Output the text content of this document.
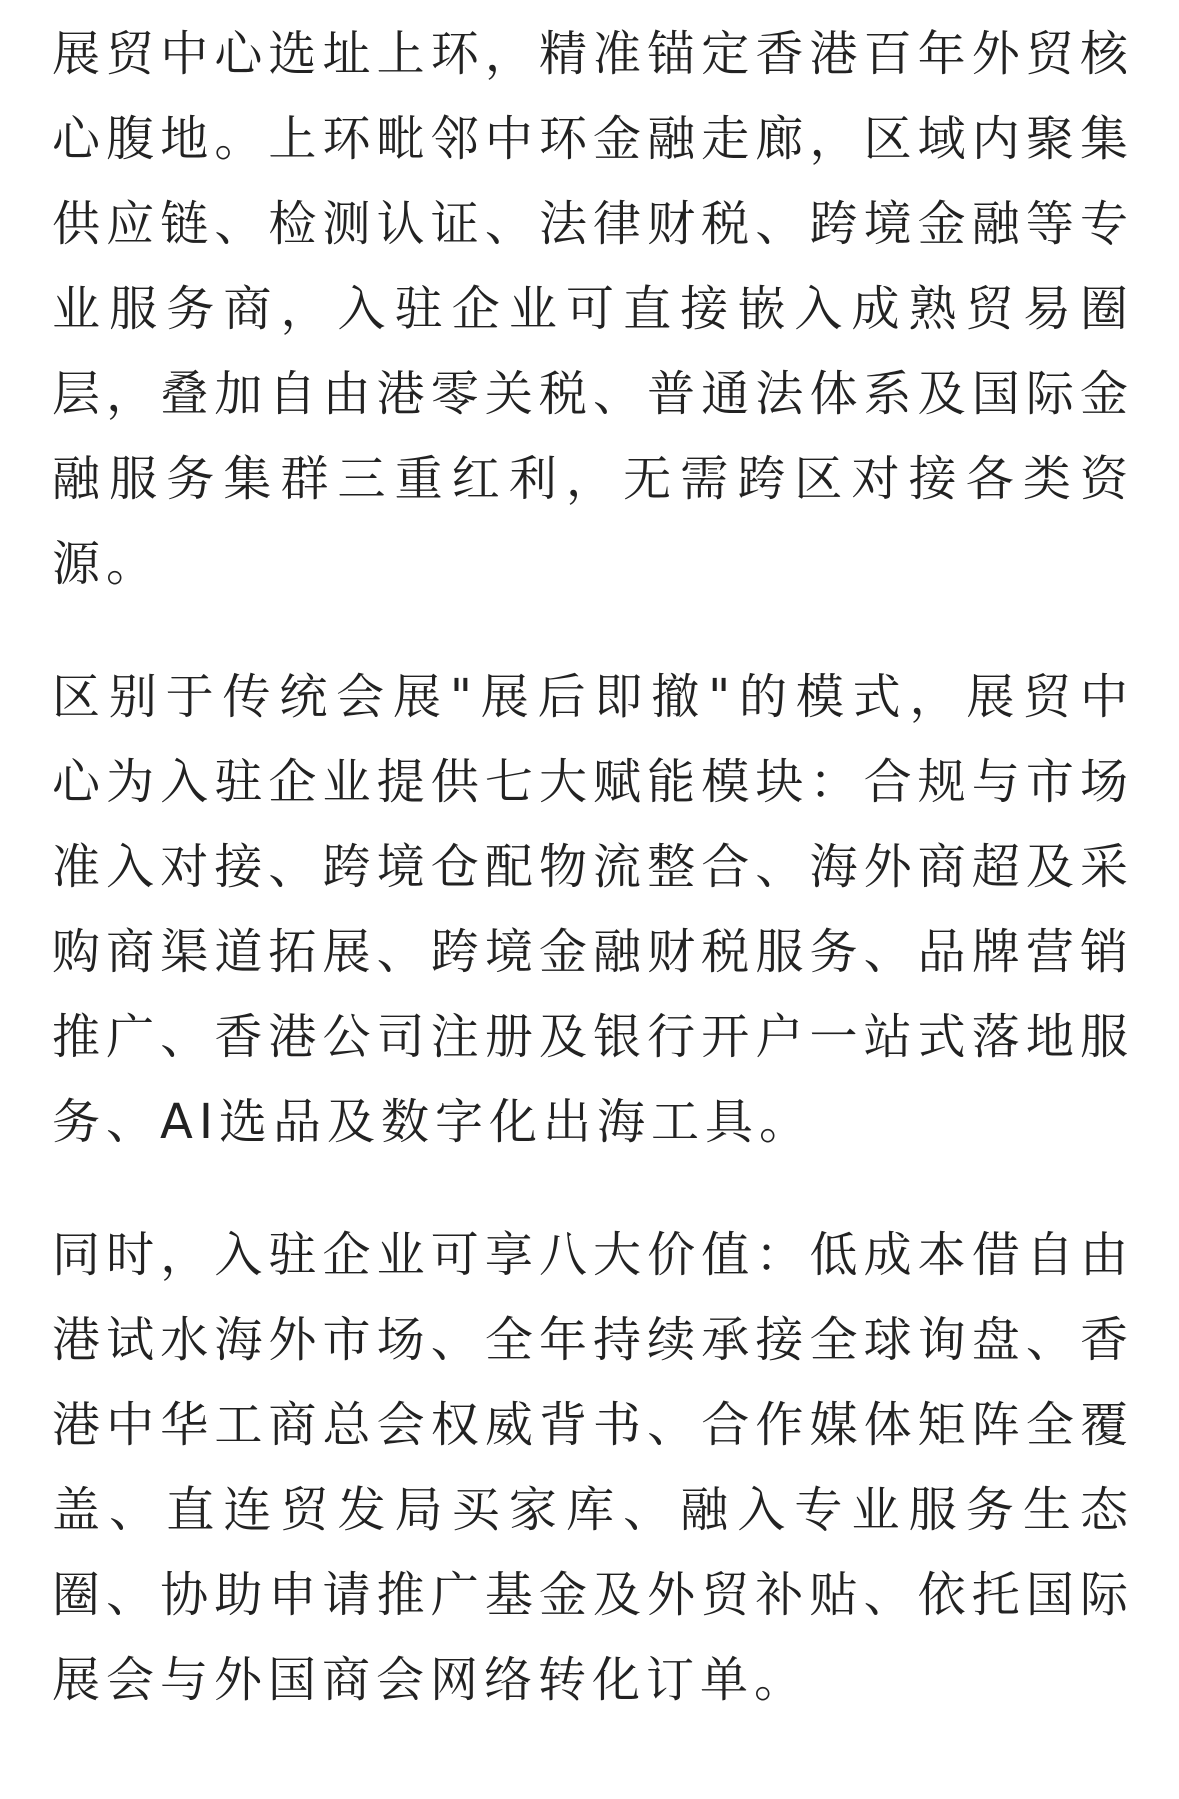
展贸中心选址上环，精准锚定香港百年外贸核心腹地。上环毗邻中环金融走廊，区域内聚集供应链、检测认证、法律财税、跨境金融等专业服务商，入驻企业可直接嵌入成熟贸易圈层，叠加自由港零关税、普通法体系及国际金融服务集群三重红利，无需跨区对接各类资源。

区别于传统会展"展后即撤"的模式，展贸中心为入驻企业提供七大赋能模块：合规与市场准入对接、跨境仓配物流整合、海外商超及采购商渠道拓展、跨境金融财税服务、品牌营销推广、香港公司注册及银行开户一站式落地服务、AI选品及数字化出海工具。

同时，入驻企业可享八大价值：低成本借自由港试水海外市场、全年持续承接全球询盘、香港中华工商总会权威背书、合作媒体矩阵全覆盖、直连贸发局买家库、融入专业服务生态圈、协助申请推广基金及外贸补贴、依托国际展会与外国商会网络转化订单。
